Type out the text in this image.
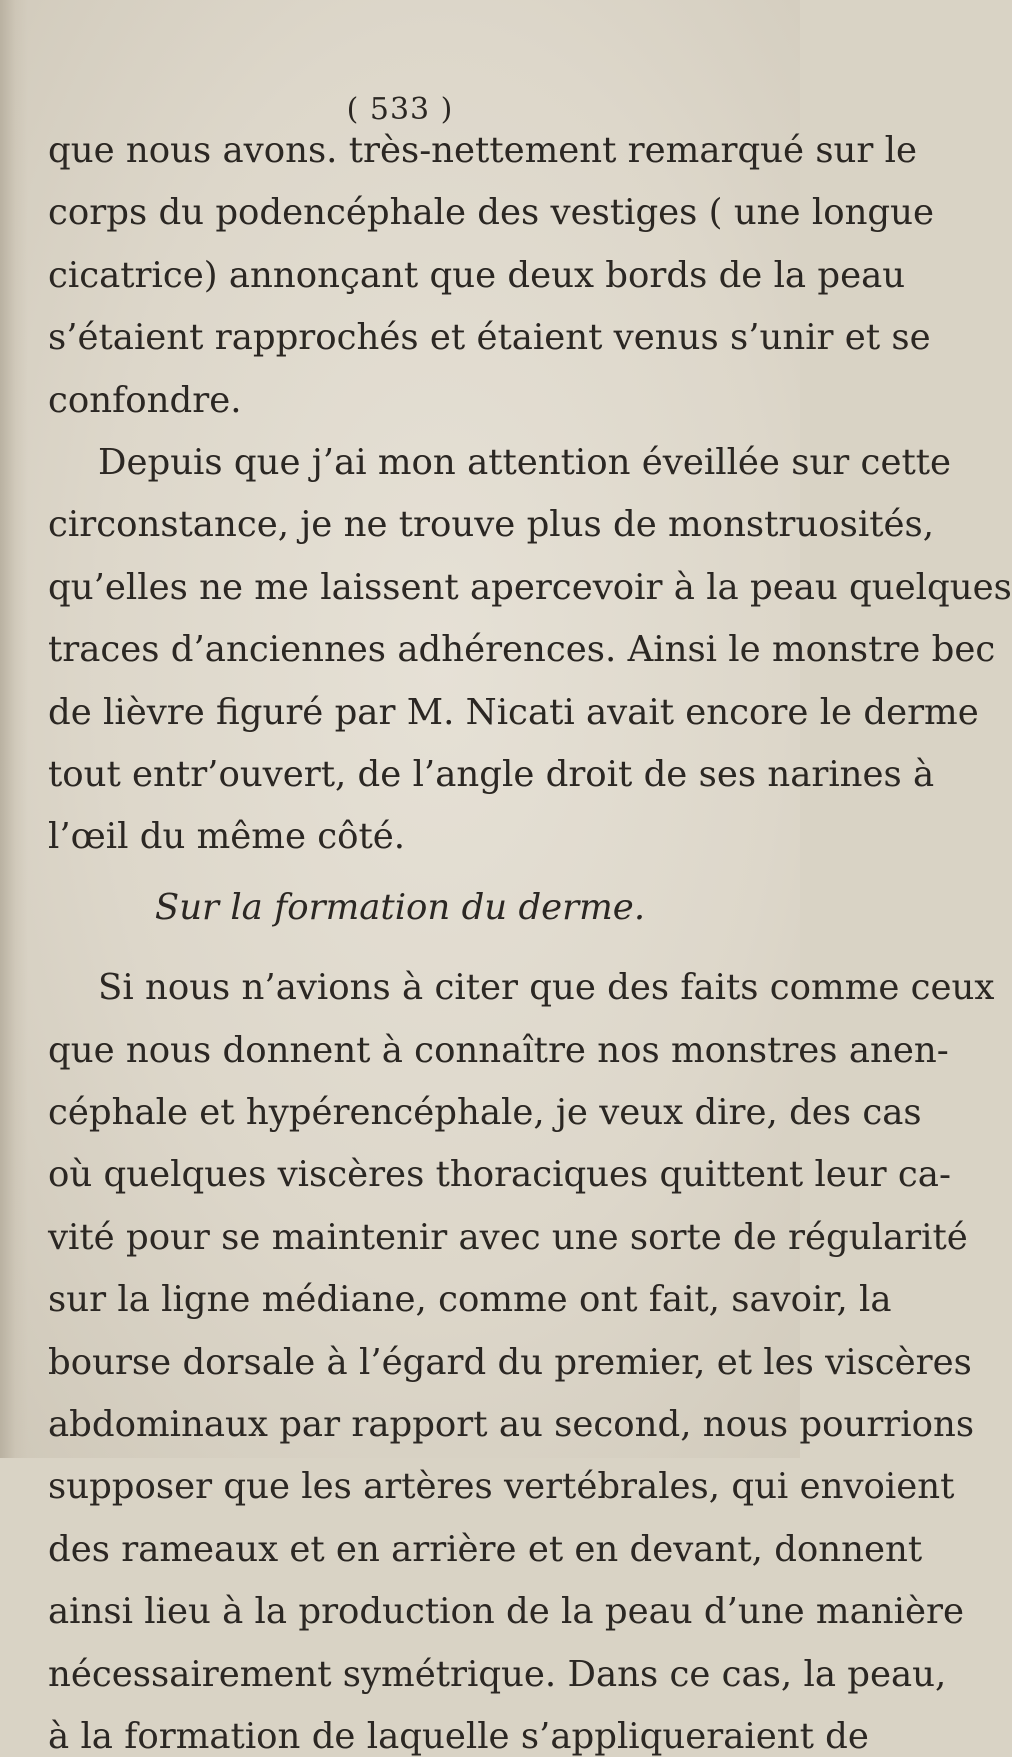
( 533 )
que nous avons. très-nettement remarqué sur le
corps du podencéphale des vestiges ( une longue
cicatrice) annonçant que deux bords de la peau
s’étaient rapprochés et étaient venus s’unir et se
confondre.
Depuis que j’ai mon attention éveillée sur cette
circonstance, je ne trouve plus de monstruosités,
qu’elles ne me laissent apercevoir à la peau quelques
traces d’anciennes adhérences. Ainsi le monstre bec
de lièvre figuré par M. Nicati avait encore le derme
tout entr’ouvert, de l’angle droit de ses narines à
l’œil du même côté.
Sur la formation du derme.
Si nous n’avions à citer que des faits comme ceux
que nous donnent à connaître nos monstres anen-
céphale et hypérencéphale, je veux dire, des cas
où quelques viscères thoraciques quittent leur ca-
vité pour se maintenir avec une sorte de régularité
sur la ligne médiane, comme ont fait, savoir, la
bourse dorsale à l’égard du premier, et les viscères
abdominaux par rapport au second, nous pourrions
supposer que les artères vertébrales, qui envoient
des rameaux et en arrière et en devant, donnent
ainsi lieu à la production de la peau d’une manière
nécessairement symétrique. Dans ce cas, la peau,
à la formation de laquelle s’appliqueraient de
